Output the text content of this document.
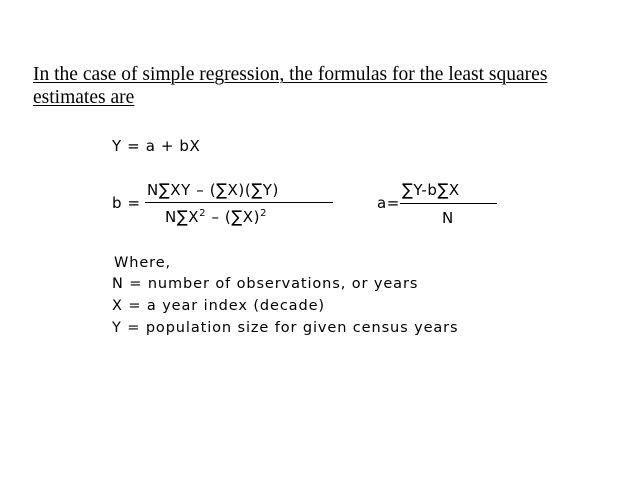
In the case of simple regression, the formulas for the least squares
estimates are
Y = a + bX
b =
N∑XY – (∑X)(∑Y)
$N\sum X^2 - (\sum X)^2$
a=
∑Y-b∑X
N
Where,
N = number of observations, or years
X = a year index (decade)
Y = population size for given census years
